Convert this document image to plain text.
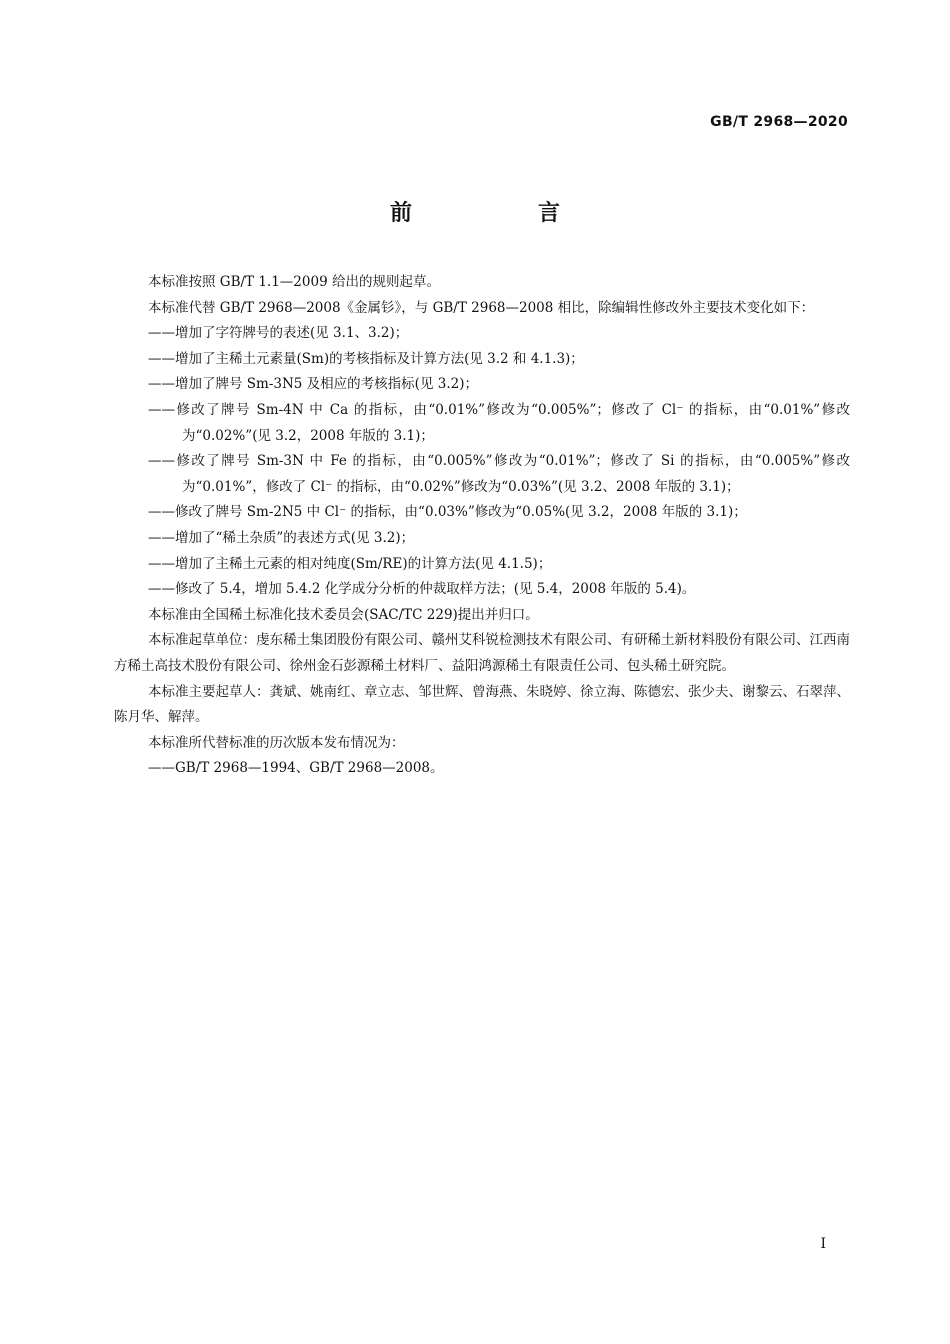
GB/T 2968—2020
前　言

本标准按照 GB/T 1.1—2009 给出的规则起草。

本标准代替 GB/T 2968—2008《金属钐》，与 GB/T 2968—2008 相比，除编辑性修改外主要技术变化如下：

——增加了字符牌号的表述(见 3.1、3.2)；

——增加了主稀土元素量(Sm)的考核指标及计算方法(见 3.2 和 4.1.3)；

——增加了牌号 Sm-3N5 及相应的考核指标(见 3.2)；

——修改了牌号 Sm-4N 中 Ca 的指标，由“0.01%”修改为“0.005%”；修改了 Cl⁻ 的指标，由“0.01%”修改为“0.02%”(见 3.2，2008 年版的 3.1)；

——修改了牌号 Sm-3N 中 Fe 的指标，由“0.005%”修改为“0.01%”；修改了 Si 的指标，由“0.005%”修改为“0.01%”，修改了 Cl⁻ 的指标，由“0.02%”修改为“0.03%”(见 3.2、2008 年版的 3.1)；

——修改了牌号 Sm-2N5 中 Cl⁻ 的指标，由“0.03%”修改为“0.05%(见 3.2，2008 年版的 3.1)；

——增加了“稀土杂质”的表述方式(见 3.2)；

——增加了主稀土元素的相对纯度(Sm/RE)的计算方法(见 4.1.5)；

——修改了 5.4，增加 5.4.2 化学成分分析的仲裁取样方法；(见 5.4，2008 年版的 5.4)。

本标准由全国稀土标准化技术委员会(SAC/TC 229)提出并归口。

本标准起草单位：虔东稀土集团股份有限公司、赣州艾科锐检测技术有限公司、有研稀土新材料股份有限公司、江西南方稀土高技术股份有限公司、徐州金石彭源稀土材料厂、益阳鸿源稀土有限责任公司、包头稀土研究院。

本标准主要起草人：龚斌、姚南红、章立志、邹世辉、曾海燕、朱晓婷、徐立海、陈德宏、张少夫、谢黎云、石翠萍、陈月华、解萍。

本标准所代替标准的历次版本发布情况为：

——GB/T 2968—1994、GB/T 2968—2008。

I
